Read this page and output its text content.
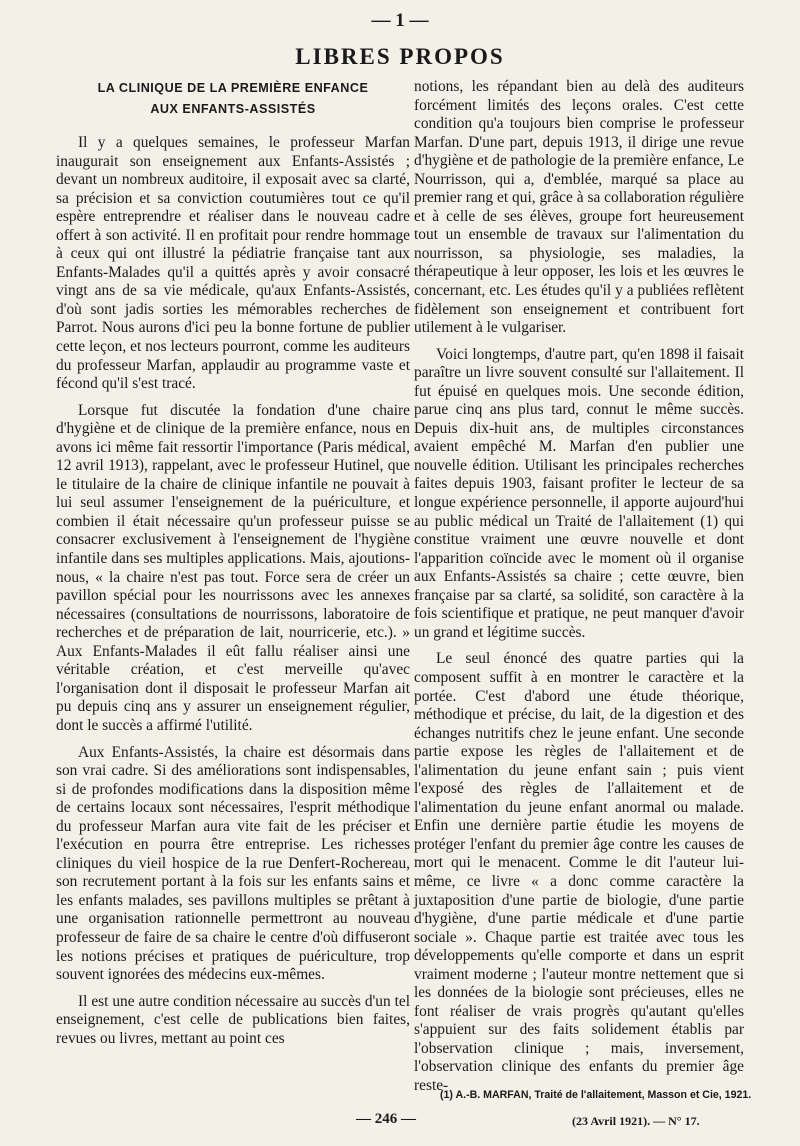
— 1 —
LIBRES PROPOS
LA CLINIQUE DE LA PREMIÈRE ENFANCE
AUX ENFANTS-ASSISTÉS

Il y a quelques semaines, le professeur Marfan inaugurait son enseignement aux Enfants-Assistés ; devant un nombreux auditoire, il exposait avec sa clarté, sa précision et sa conviction coutumières tout ce qu'il espère entreprendre et réaliser dans le nouveau cadre offert à son activité. Il en profitait pour rendre hommage à ceux qui ont illustré la pédiatrie française tant aux Enfants-Malades qu'il a quittés après y avoir consacré vingt ans de sa vie médicale, qu'aux Enfants-Assistés, d'où sont jadis sorties les mémorables recherches de Parrot. Nous aurons d'ici peu la bonne fortune de publier cette leçon, et nos lecteurs pourront, comme les auditeurs du professeur Marfan, applaudir au programme vaste et fécond qu'il s'est tracé.

Lorsque fut discutée la fondation d'une chaire d'hygiène et de clinique de la première enfance, nous en avons ici même fait ressortir l'importance (Paris médical, 12 avril 1913), rappelant, avec le professeur Hutinel, que le titulaire de la chaire de clinique infantile ne pouvait à lui seul assumer l'enseignement de la puériculture, et combien il était nécessaire qu'un professeur puisse se consacrer exclusivement à l'enseignement de l'hygiène infantile dans ses multiples applications. Mais, ajoutions-nous, « la chaire n'est pas tout. Force sera de créer un pavillon spécial pour les nourrissons avec les annexes nécessaires (consultations de nourrissons, laboratoire de recherches et de préparation de lait, nourricerie, etc.). » Aux Enfants-Malades il eût fallu réaliser ainsi une véritable création, et c'est merveille qu'avec l'organisation dont il disposait le professeur Marfan ait pu depuis cinq ans y assurer un enseignement régulier, dont le succès a affirmé l'utilité.

Aux Enfants-Assistés, la chaire est désormais dans son vrai cadre. Si des améliorations sont indispensables, si de profondes modifications dans la disposition même de certains locaux sont nécessaires, l'esprit méthodique du professeur Marfan aura vite fait de les préciser et l'exécution en pourra être entreprise. Les richesses cliniques du vieil hospice de la rue Denfert-Rochereau, son recrutement portant à la fois sur les enfants sains et les enfants malades, ses pavillons multiples se prêtant à une organisation rationnelle permettront au nouveau professeur de faire de sa chaire le centre d'où diffuseront les notions précises et pratiques de puériculture, trop souvent ignorées des médecins eux-mêmes.

Il est une autre condition nécessaire au succès d'un tel enseignement, c'est celle de publications bien faites, revues ou livres, mettant au point ces

notions, les répandant bien au delà des auditeurs forcément limités des leçons orales. C'est cette condition qu'a toujours bien comprise le professeur Marfan. D'une part, depuis 1913, il dirige une revue d'hygiène et de pathologie de la première enfance, Le Nourrisson, qui a, d'emblée, marqué sa place au premier rang et qui, grâce à sa collaboration régulière et à celle de ses élèves, groupe fort heureusement tout un ensemble de travaux sur l'alimentation du nourrisson, sa physiologie, ses maladies, la thérapeutique à leur opposer, les lois et les œuvres le concernant, etc. Les études qu'il y a publiées reflètent fidèlement son enseignement et contribuent fort utilement à le vulgariser.

Voici longtemps, d'autre part, qu'en 1898 il faisait paraître un livre souvent consulté sur l'allaitement. Il fut épuisé en quelques mois. Une seconde édition, parue cinq ans plus tard, connut le même succès. Depuis dix-huit ans, de multiples circonstances avaient empêché M. Marfan d'en publier une nouvelle édition. Utilisant les principales recherches faites depuis 1903, faisant profiter le lecteur de sa longue expérience personnelle, il apporte aujourd'hui au public médical un Traité de l'allaitement (1) qui constitue vraiment une œuvre nouvelle et dont l'apparition coïncide avec le moment où il organise aux Enfants-Assistés sa chaire ; cette œuvre, bien française par sa clarté, sa solidité, son caractère à la fois scientifique et pratique, ne peut manquer d'avoir un grand et légitime succès.

Le seul énoncé des quatre parties qui la composent suffit à en montrer le caractère et la portée. C'est d'abord une étude théorique, méthodique et précise, du lait, de la digestion et des échanges nutritifs chez le jeune enfant. Une seconde partie expose les règles de l'allaitement et de l'alimentation du jeune enfant sain ; puis vient l'exposé des règles de l'allaitement et de l'alimentation du jeune enfant anormal ou malade. Enfin une dernière partie étudie les moyens de protéger l'enfant du premier âge contre les causes de mort qui le menacent. Comme le dit l'auteur lui-même, ce livre « a donc comme caractère la juxtaposition d'une partie de biologie, d'une partie d'hygiène, d'une partie médicale et d'une partie sociale ». Chaque partie est traitée avec tous les développements qu'elle comporte et dans un esprit vraiment moderne ; l'auteur montre nettement que si les données de la biologie sont précieuses, elles ne font réaliser de vrais progrès qu'autant qu'elles s'appuient sur des faits solidement établis par l'observation clinique ; mais, inversement, l'observation clinique des enfants du premier âge reste-

(1) A.-B. MARFAN, Traité de l'allaitement, Masson et Cie, 1921.
— 246 —	(23 Avril 1921). — N° 17.
